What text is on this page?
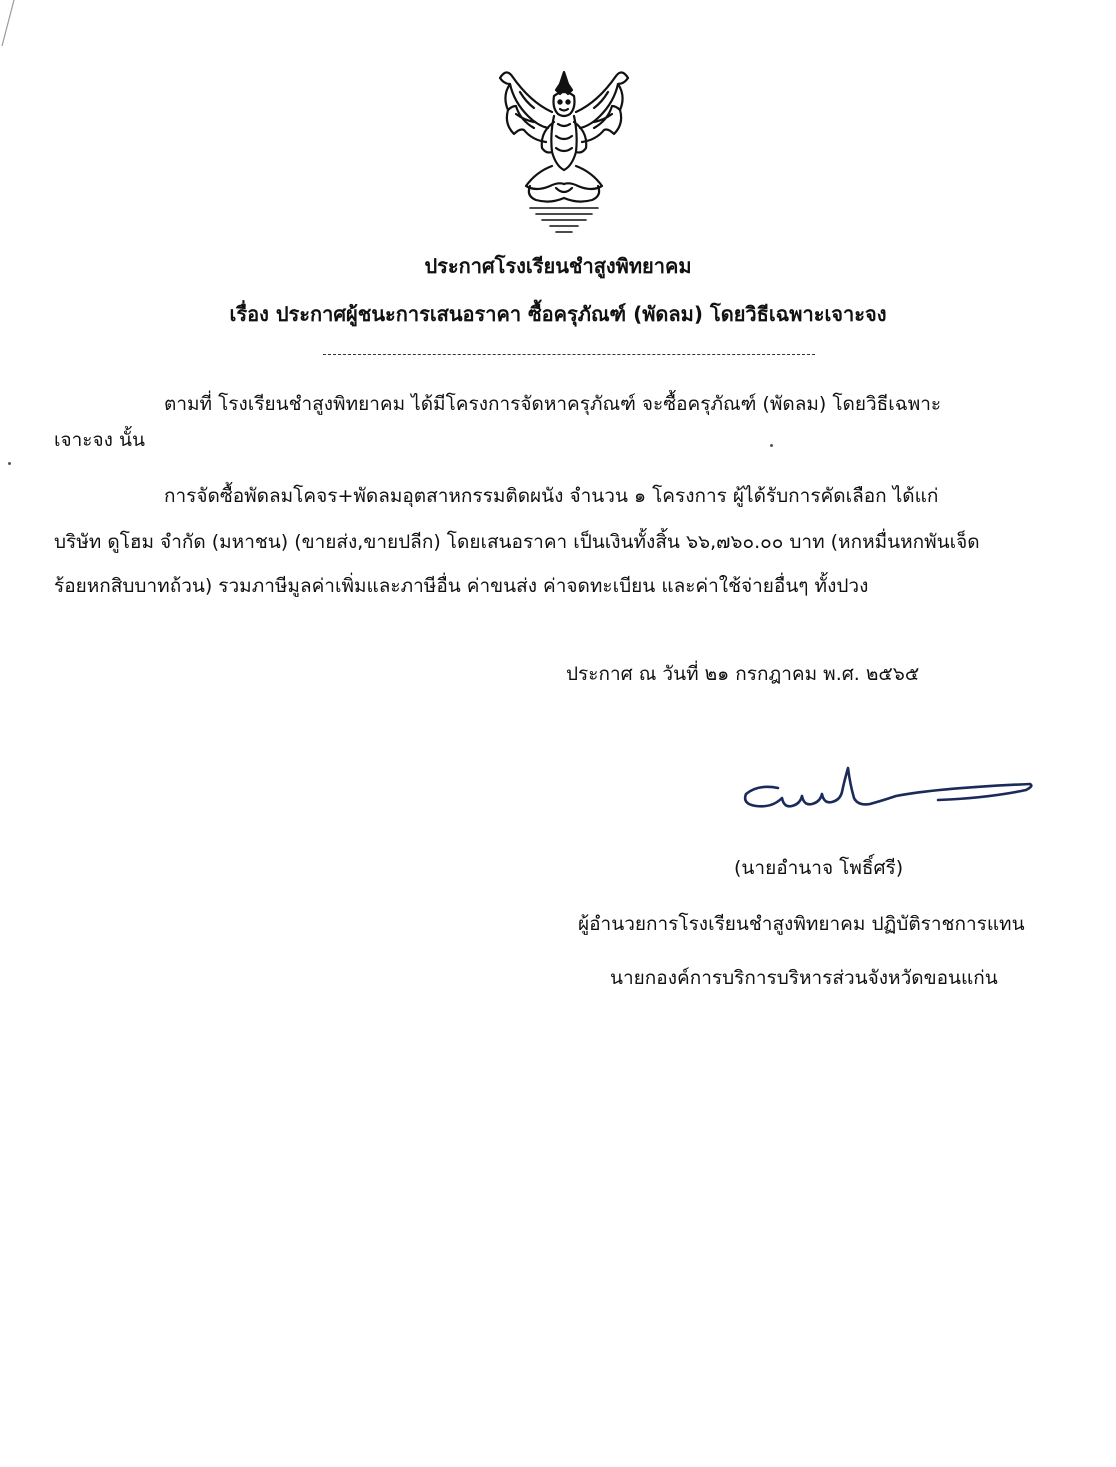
ประกาศโรงเรียนชำสูงพิทยาคม
เรื่อง ประกาศผู้ชนะการเสนอราคา ซื้อครุภัณฑ์ (พัดลม) โดยวิธีเฉพาะเจาะจง
ตามที่ โรงเรียนชำสูงพิทยาคม ได้มีโครงการจัดหาครุภัณฑ์ จะซื้อครุภัณฑ์ (พัดลม) โดยวิธีเฉพาะ
เจาะจง นั้น
การจัดซื้อพัดลมโคจร+พัดลมอุตสาหกรรมติดผนัง จำนวน ๑ โครงการ ผู้ได้รับการคัดเลือก ได้แก่
บริษัท ดูโฮม จำกัด (มหาชน) (ขายส่ง,ขายปลีก) โดยเสนอราคา เป็นเงินทั้งสิ้น ๖๖,๗๖๐.๐๐ บาท (หกหมื่นหกพันเจ็ด
ร้อยหกสิบบาทถ้วน) รวมภาษีมูลค่าเพิ่มและภาษีอื่น ค่าขนส่ง ค่าจดทะเบียน และค่าใช้จ่ายอื่นๆ ทั้งปวง
ประกาศ ณ วันที่ ๒๑ กรกฎาคม พ.ศ. ๒๕๖๕
(นายอำนาจ โพธิ์ศรี)
ผู้อำนวยการโรงเรียนชำสูงพิทยาคม ปฏิบัติราชการแทน
นายกองค์การบริการบริหารส่วนจังหวัดขอนแก่น
